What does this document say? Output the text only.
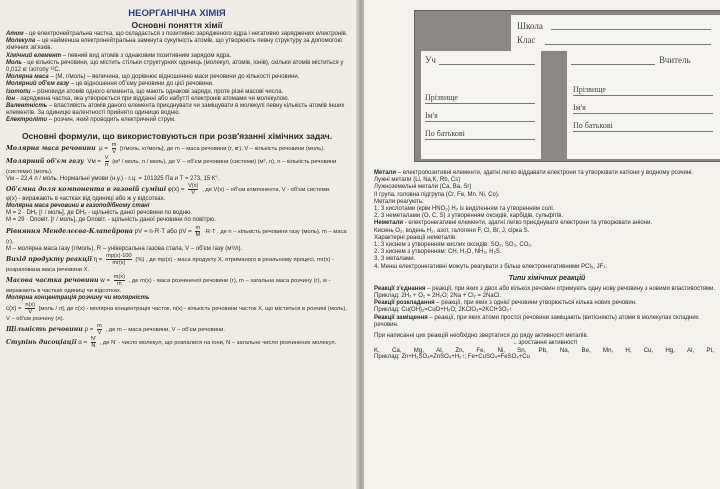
НЕОРГАНІЧНА ХІМІЯ
Основні поняття хімії
Атом - це електронейтральна частка, що складається з позитивно зарядженого ядра і негативно заряджених електронів.
Молекула – це найменша електронейтральна замкнута сукупність атомів, що утворюють певну структуру за допомогою хімічних зв'язків.
Хімічний елемент – певний вид атомів з однаковим позитивним зарядом ядра.
Моль - це кількість речовини, що містить стільки структурних одиниць (молекул, атомів, іонів), скільки атомів міститься у 0,012 кг ізотопу ¹²С.
Молярна маса – (М, г/моль) – величина, що дорівнює відношенню маси речовини до кількості речовини.
Молярний об'єм газу – це відношення об'єму речовини до цієї речовини.
Ізотопи – різновиди атомів одного елемента, що мають однакові заряди, проте різні масові числа.
Іон - заряджена частка, яка утворюється при відданні або набутті електронів атомами чи молекулою.
Валентність – властивість атомів даного елемента приєднувати чи заміщувати в молекулі певну кількість атомів інших елементів. За одиницю валентності прийнято одиницю водню.
Електроліти – розчин, який проводить електричний струм.
Основні формули, що використовуються при розв'язанні хімічних задач.
Молярна маса речовини $\mu = \frac{m}{V}$ [г/моль, кг/моль], де m – маса речовини (г, кг), V – кількість речовини (моль).
Молярний об'єм газу Vм = $\frac{V}{n} (м^3$ / моль, л / моль), де V – об'єм речовини (системи) (м³, л), n – кількість речовини (системи) (моль).
Vм – 22,4 л / моль. Нормальні умови (н.у.) - r.ц. = 101325 Па и Т = 273, 15 К°.
Об'ємна доля компонента в газовій суміші $\varphi(x) = \frac{V(x)}{V}$ , де V(x) – об'єм компонента, V - об'єм системи.
φ(x) - виражають в частках від одиниці або ж у відсотках.
Молярна маса речовини в газоподібному стані
M = 2 · DH₂ [г / моль], де DH₂ - щільність даної речовини по водню.
M = 29 · Dповіт. [г / моль], де Dповіт. - щільність даної речовини по повітрю.
Рівняння Менделєєва-Клапейрона pV = n·R·T або pV = $\frac{m}{M} \cdot R\cdot T$ , де n – кількість речовини газу (моль), m – маса (г),
М – молярна маса газу (г/моль), R – універсальна газова стала, V – об'єм газу (м³/л).
Вихід продукту реакції $\eta = \frac{mp(x)\cdot 100}{mr(x)}$ (%) , де mp(x) - маса продукту Х, отриманого в реальному процесі, mr(x) - розрахована маса речовини Х.
Масова частка речовини $w = \frac{m(x)}{m}$ , де m(x) - маса розчиненої речовини (г), m – загальна маса розчину (г), w - виражають в частках одиниці чи відсотках.
Молярна концентрація розчину чи молярність
$c(x) = \frac{n(x)}{V}$ [моль / л], де c(x) - молярна концентрація часток, n(x) - кількість речовини часток Х, що міститься в розчині (моль), V – об'єм розчину (л).
Щільність речовини $\rho = \frac{m}{V}$ , де m – маса речовини, V – об'єм речовини.
Ступінь дисоціації $\alpha = \frac{N'}{N}$ , де N' - число молекул, що розпалися на іони, N – загальне число розчинених молекул.
Школа
Клас
Уч
Прізвище
Ім'я
По батькові
Вчитель
Прізвище
Ім'я
По батькові
Метали – електропозитивні елементи, здатні легко віддавати електрони та утворювати катіони у водному розчині.
Лужні метали (Li, Na,K, Rb, Cs)
Лужноземельні метали (Са, Ba, Sr)
II група, головна підгрупа (Cr, Fe, Mn. Ni, Co).
Метали реагують:
1. З кислотами (крім HNO₃) H₂ із виділенням та утворенням солі.
2. З неметалами (O, C, S) з утворенням оксидів, карбідів, сульфітів.
Неметали - електронегативні елементи, здатні легко приєднувати електрони та утворювати аніони.
Кисень O₂, водень H₂, азот, галогени F, Cl, Br, J, сірка S.
Характерні реакції неметалів:
1. З киснем з утворенням кислих оксидів: SO₂, SO₃, CO₂.
2. З киснем з утворенням: CH, H₂O, NH₃, H₂S.
3. З металами.
4. Менш електронегативні можуть реагувати з більш електронегативними PCl₅, JF₇.
Типи хімічних реакцій
Реакції з'єднання – реакції, при яких з двох або кількох речовин отримують одну нову речовину з новими властивостями.
Приклад: 2H₂ + O₂ = 2H₂O; 2Na + Cl₂ = 2NaCl.
Реакції розкладання – реакції, при яких з однієї речовини утворюється кілька нових речовин.
Приклад: Cu(OH)₂=CuO+H₂O; 2KClO₃=2KCl+3O₂↑
Реакції заміщення – реакції, при яких атоми простої речовини заміщають (витісняють) атоми в молекулах складних речовин.
При написанні цих реакцій необхідно звертатися до ряду активності металів.
←зростання активності
K, Ca, Mg, Al, Zn, Fe, Ni, Sn, Pb, Na, Be, Mn, H, Cu, Hg, Al, Pt,
Приклад: Zn+H₂SO₄=ZnSO₄+H₂↑; Fe+CuSO₄=FeSO₄+Cu
